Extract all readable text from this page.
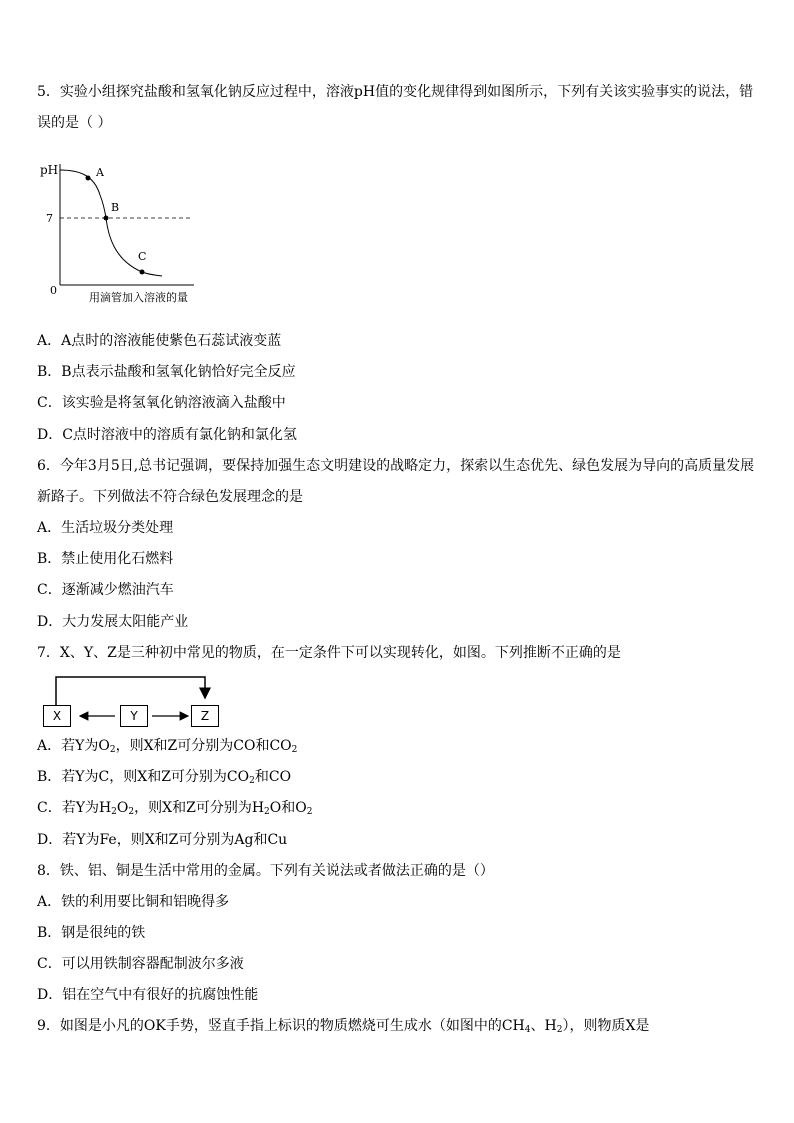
5．实验小组探究盐酸和氢氧化钠反应过程中，溶液pH值的变化规律得到如图所示，下列有关该实验事实的说法，错
误的是（ ）
pH
7
0
A
B
C
用滴管加入溶液的量
A．A点时的溶液能使紫色石蕊试液变蓝
B．B点表示盐酸和氢氧化钠恰好完全反应
C．该实验是将氢氧化钠溶液滴入盐酸中
D．C点时溶液中的溶质有氯化钠和氯化氢
6．今年3月5日,总书记强调，要保持加强生态文明建设的战略定力，探索以生态优先、绿色发展为导向的高质量发展
新路子。下列做法不符合绿色发展理念的是
A．生活垃圾分类处理
B．禁止使用化石燃料
C．逐渐减少燃油汽车
D．大力发展太阳能产业
7．X、Y、Z是三种初中常见的物质，在一定条件下可以实现转化，如图。下列推断不正确的是
X	Y	Z
A．若Y为$O_2$，则X和Z可分别为CO和$CO_2$
B．若Y为C，则X和Z可分别为$CO_2$和CO
C．若Y为$H_2O_2$，则X和Z可分别为$H_2O$和$O_2$
D．若Y为Fe，则X和Z可分别为Ag和Cu
8．铁、铝、铜是生活中常用的金属。下列有关说法或者做法正确的是（）
A．铁的利用要比铜和铝晚得多
B．钢是很纯的铁
C．可以用铁制容器配制波尔多液
D．铝在空气中有很好的抗腐蚀性能
9．如图是小凡的OK手势，竖直手指上标识的物质燃烧可生成水（如图中的$CH_4$、$H_2$），则物质X是
